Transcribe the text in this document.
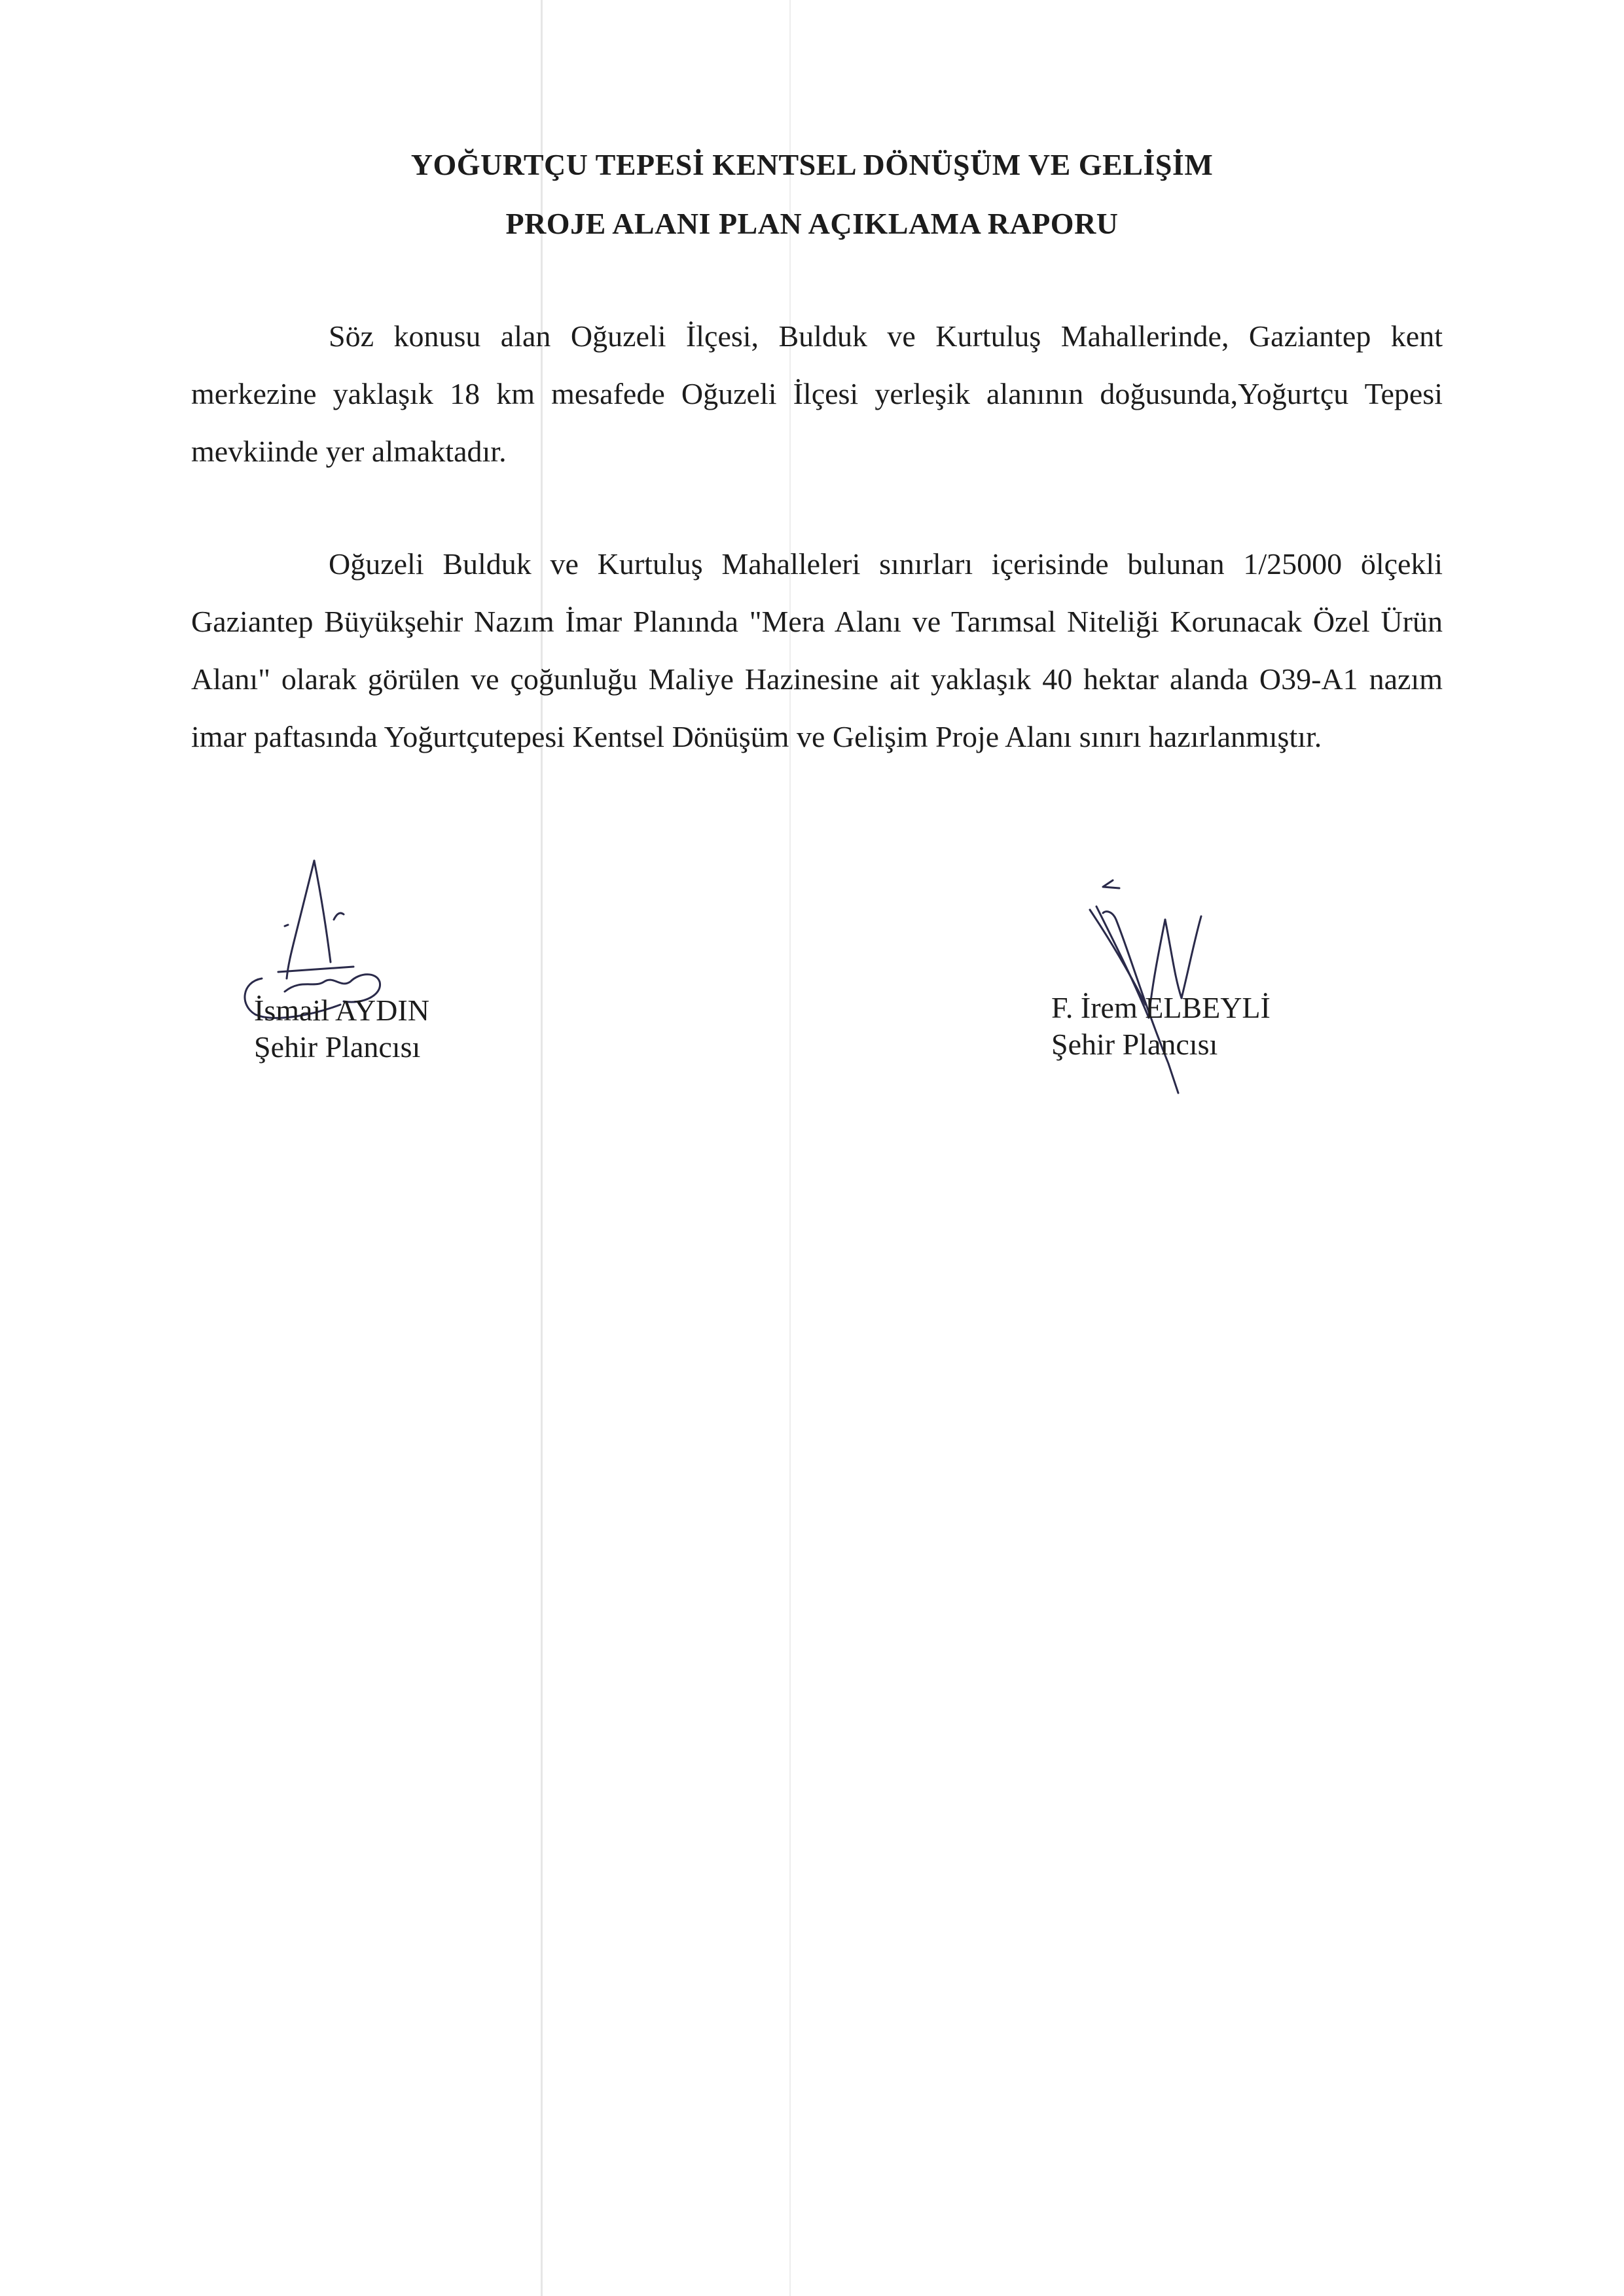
YOĞURTÇU TEPESİ KENTSEL DÖNÜŞÜM VE GELİŞİM
PROJE ALANI PLAN AÇIKLAMA RAPORU

Söz konusu alan Oğuzeli İlçesi, Bulduk ve Kurtuluş Mahallerinde, Gaziantep kent merkezine yaklaşık 18 km mesafede Oğuzeli İlçesi yerleşik alanının doğusunda,Yoğurtçu Tepesi mevkiinde yer almaktadır.

Oğuzeli Bulduk ve Kurtuluş Mahalleleri sınırları içerisinde bulunan 1/25000 ölçekli Gaziantep Büyükşehir Nazım İmar Planında "Mera Alanı ve Tarımsal Niteliği Korunacak Özel Ürün Alanı" olarak görülen ve çoğunluğu Maliye Hazinesine ait yaklaşık 40 hektar alanda O39-A1 nazım imar paftasında Yoğurtçutepesi Kentsel Dönüşüm ve Gelişim Proje Alanı sınırı hazırlanmıştır.

İsmail AYDIN
Şehir Plancısı
F. İrem ELBEYLİ
Şehir Plancısı
